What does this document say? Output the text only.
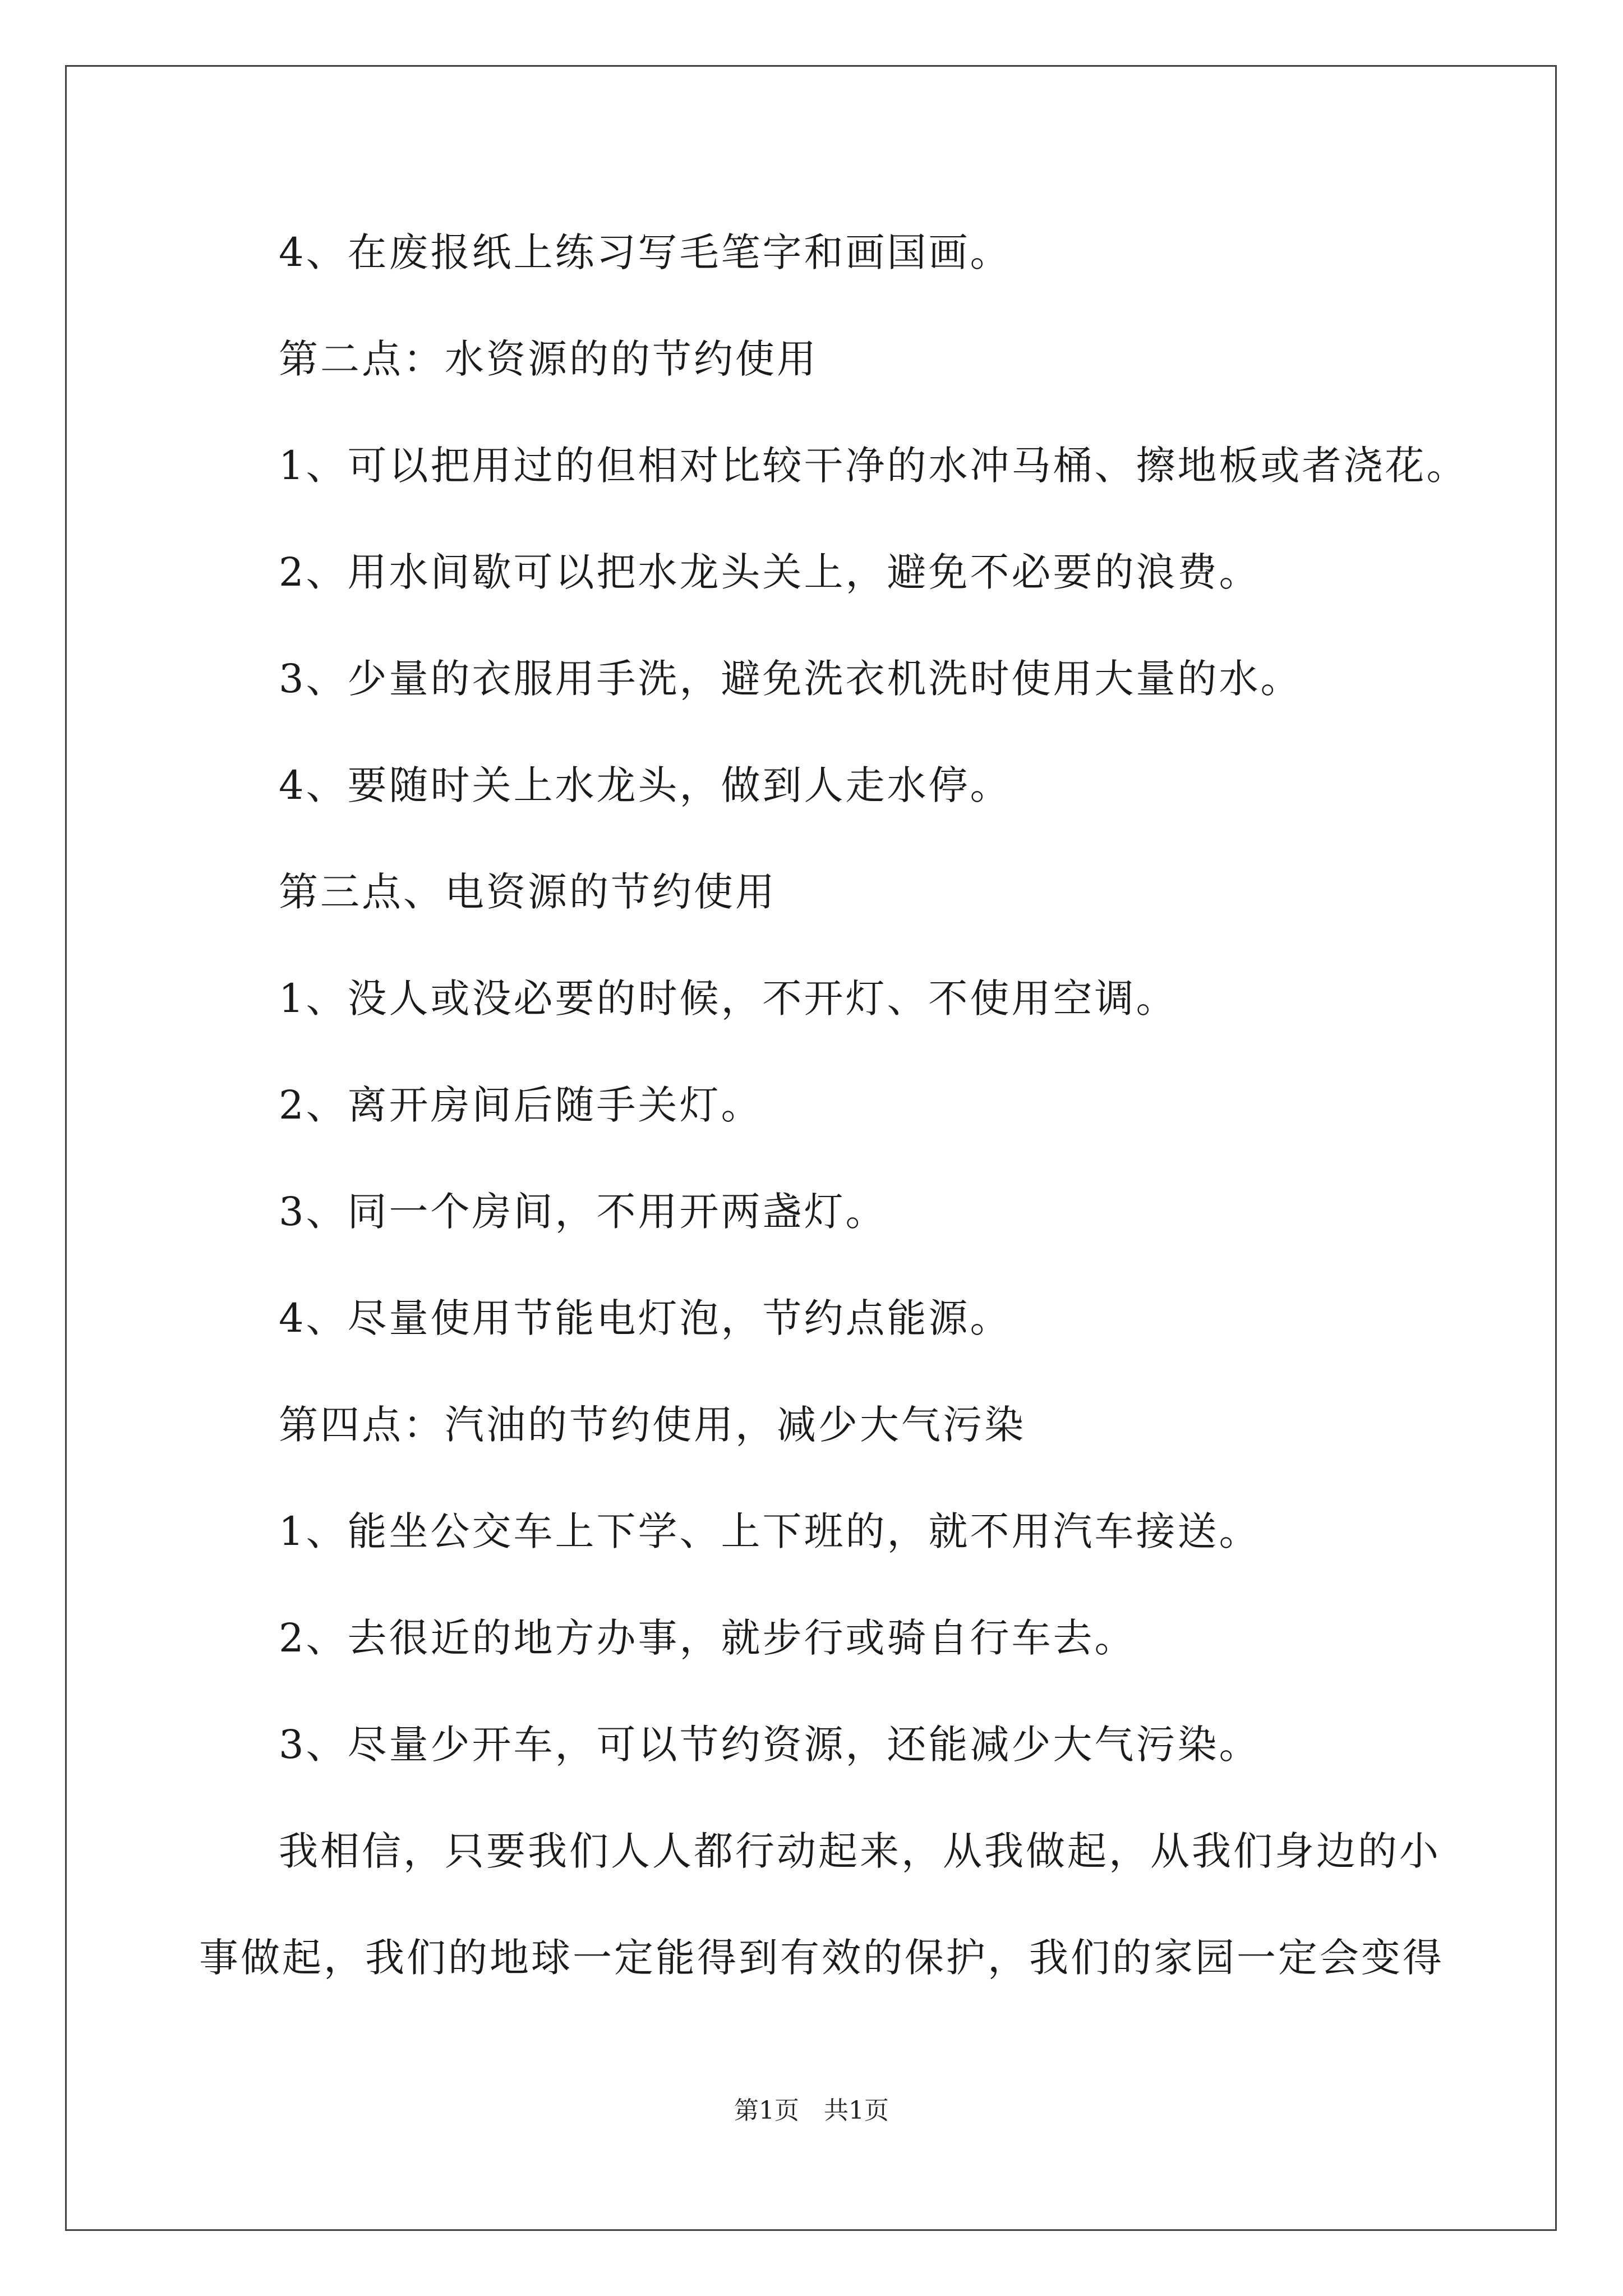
4、在废报纸上练习写毛笔字和画国画。
第二点：水资源的的节约使用
1、可以把用过的但相对比较干净的水冲马桶、擦地板或者浇花。
2、用水间歇可以把水龙头关上，避免不必要的浪费。
3、少量的衣服用手洗，避免洗衣机洗时使用大量的水。
4、要随时关上水龙头，做到人走水停。
第三点、电资源的节约使用
1、没人或没必要的时候，不开灯、不使用空调。
2、离开房间后随手关灯。
3、同一个房间，不用开两盏灯。
4、尽量使用节能电灯泡，节约点能源。
第四点：汽油的节约使用，减少大气污染
1、能坐公交车上下学、上下班的，就不用汽车接送。
2、去很近的地方办事，就步行或骑自行车去。
3、尽量少开车，可以节约资源，还能减少大气污染。
我相信，只要我们人人都行动起来，从我做起，从我们身边的小
事做起，我们的地球一定能得到有效的保护，我们的家园一定会变得
第1页　共1页
